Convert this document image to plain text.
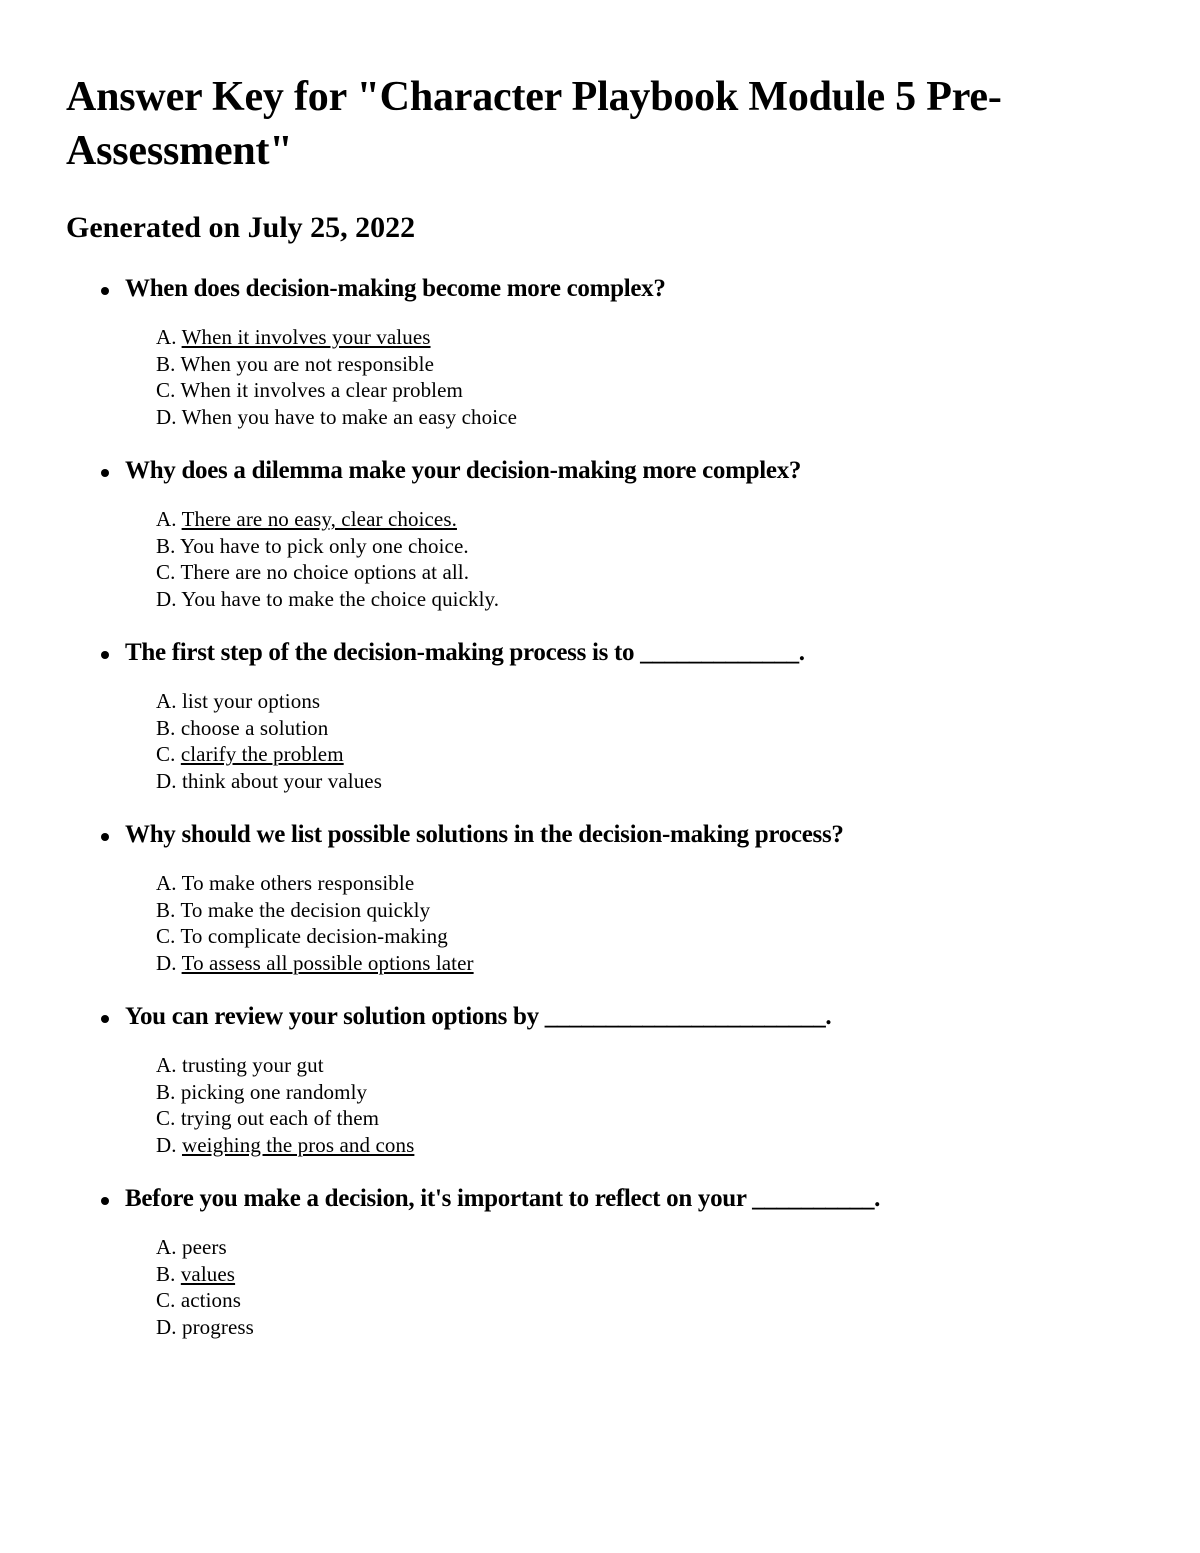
Answer Key for "Character Playbook Module 5 Pre-Assessment"
Generated on July 25, 2022
When does decision-making become more complex?
A. When it involves your values
B. When you are not responsible
C. When it involves a clear problem
D. When you have to make an easy choice
Why does a dilemma make your decision-making more complex?
A. There are no easy, clear choices.
B. You have to pick only one choice.
C. There are no choice options at all.
D. You have to make the choice quickly.
The first step of the decision-making process is to _____________.
A. list your options
B. choose a solution
C. clarify the problem
D. think about your values
Why should we list possible solutions in the decision-making process?
A. To make others responsible
B. To make the decision quickly
C. To complicate decision-making
D. To assess all possible options later
You can review your solution options by _______________________.
A. trusting your gut
B. picking one randomly
C. trying out each of them
D. weighing the pros and cons
Before you make a decision, it's important to reflect on your __________.
A. peers
B. values
C. actions
D. progress
